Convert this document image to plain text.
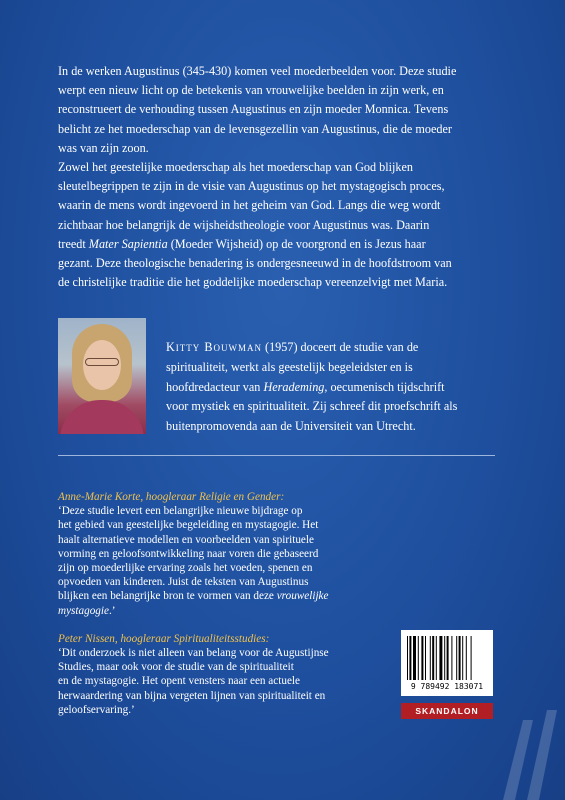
In de werken Augustinus (345-430) komen veel moederbeelden voor. Deze studie
werpt een nieuw licht op de betekenis van vrouwelijke beelden in zijn werk, en
reconstrueert de verhouding tussen Augustinus en zijn moeder Monnica. Tevens
belicht ze het moederschap van de levensgezellin van Augustinus, die de moeder
was van zijn zoon.

Zowel het geestelijke moederschap als het moederschap van God blijken
sleutelbegrippen te zijn in de visie van Augustinus op het mystagogisch proces,
waarin de mens wordt ingevoerd in het geheim van God. Langs die weg wordt
zichtbaar hoe belangrijk de wijsheidstheologie voor Augustinus was. Daarin
treedt Mater Sapientia (Moeder Wijsheid) op de voorgrond en is Jezus haar
gezant. Deze theologische benadering is ondergesneeuwd in de hoofdstroom van
de christelijke traditie die het goddelijke moederschap vereenzelvigt met Maria.

Kitty Bouwman (1957) doceert de studie van de
spiritualiteit, werkt als geestelijk begeleidster en is
hoofdredacteur van Herademing, oecumenisch tijdschrift
voor mystiek en spiritualiteit. Zij schreef dit proefschrift als
buitenpromovenda aan de Universiteit van Utrecht.
Anne-Marie Korte, hoogleraar Religie en Gender:

‘Deze studie levert een belangrijke nieuwe bijdrage op
het gebied van geestelijke begeleiding en mystagogie. Het
haalt alternatieve modellen en voorbeelden van spirituele
vorming en geloofsontwikkeling naar voren die gebaseerd
zijn op moederlijke ervaring zoals het voeden, spenen en
opvoeden van kinderen. Juist de teksten van Augustinus
blijken een belangrijke bron te vormen van deze vrouwelijke
mystagogie.’

Peter Nissen, hoogleraar Spiritualiteitsstudies:

‘Dit onderzoek is niet alleen van belang voor de Augustijnse
Studies, maar ook voor de studie van de spiritualiteit
en de mystagogie. Het opent vensters naar een actuele
herwaardering van bijna vergeten lijnen van spiritualiteit en
geloofservaring.’

9 789492 183071
SKANDALON
